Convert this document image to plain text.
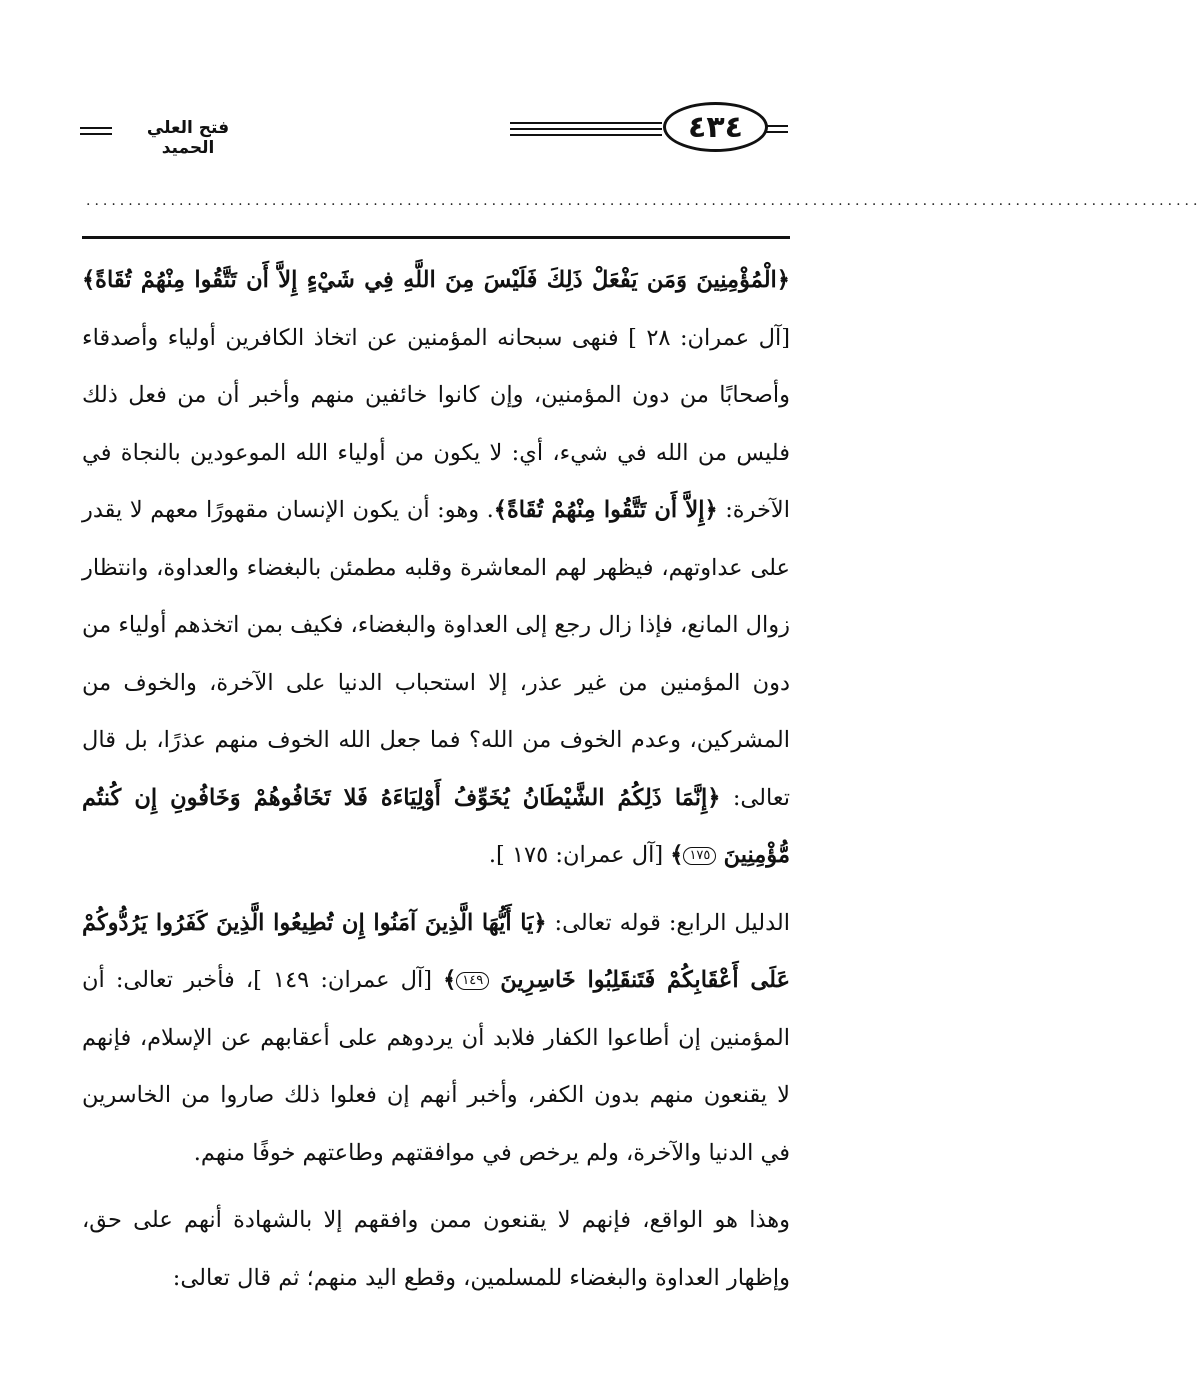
٤٣٤
فتح العلي الحميد
....................................................................................................................................

﴿الْمُؤْمِنِينَ وَمَن يَفْعَلْ ذَلِكَ فَلَيْسَ مِنَ اللَّهِ فِي شَيْءٍ إِلاَّ أَن تَتَّقُوا مِنْهُمْ تُقَاةً﴾ [آل عمران: ٢٨ ] فنهى سبحانه المؤمنين عن اتخاذ الكافرين أولياء وأصدقاء وأصحابًا من دون المؤمنين، وإن كانوا خائفين منهم وأخبر أن من فعل ذلك فليس من الله في شيء، أي: لا يكون من أولياء الله الموعودين بالنجاة في الآخرة: ﴿إِلاَّ أَن تَتَّقُوا مِنْهُمْ تُقَاةً﴾. وهو: أن يكون الإنسان مقهورًا معهم لا يقدر على عداوتهم، فيظهر لهم المعاشرة وقلبه مطمئن بالبغضاء والعداوة، وانتظار زوال المانع، فإذا زال رجع إلى العداوة والبغضاء، فكيف بمن اتخذهم أولياء من دون المؤمنين من غير عذر، إلا استحباب الدنيا على الآخرة، والخوف من المشركين، وعدم الخوف من الله؟ فما جعل الله الخوف منهم عذرًا، بل قال تعالى: ﴿إِنَّمَا ذَلِكُمُ الشَّيْطَانُ يُخَوِّفُ أَوْلِيَاءَهُ فَلا تَخَافُوهُمْ وَخَافُونِ إِن كُنتُم مُّؤْمِنِينَ ١٧٥﴾ [آل عمران: ١٧٥ ].

الدليل الرابع: قوله تعالى: ﴿يَا أَيُّهَا الَّذِينَ آمَنُوا إِن تُطِيعُوا الَّذِينَ كَفَرُوا يَرُدُّوكُمْ عَلَى أَعْقَابِكُمْ فَتَنقَلِبُوا خَاسِرِينَ ١٤٩﴾ [آل عمران: ١٤٩ ]، فأخبر تعالى: أن المؤمنين إن أطاعوا الكفار فلابد أن يردوهم على أعقابهم عن الإسلام، فإنهم لا يقنعون منهم بدون الكفر، وأخبر أنهم إن فعلوا ذلك صاروا من الخاسرين في الدنيا والآخرة، ولم يرخص في موافقتهم وطاعتهم خوفًا منهم.

وهذا هو الواقع، فإنهم لا يقنعون ممن وافقهم إلا بالشهادة أنهم على حق، وإظهار العداوة والبغضاء للمسلمين، وقطع اليد منهم؛ ثم قال تعالى:
